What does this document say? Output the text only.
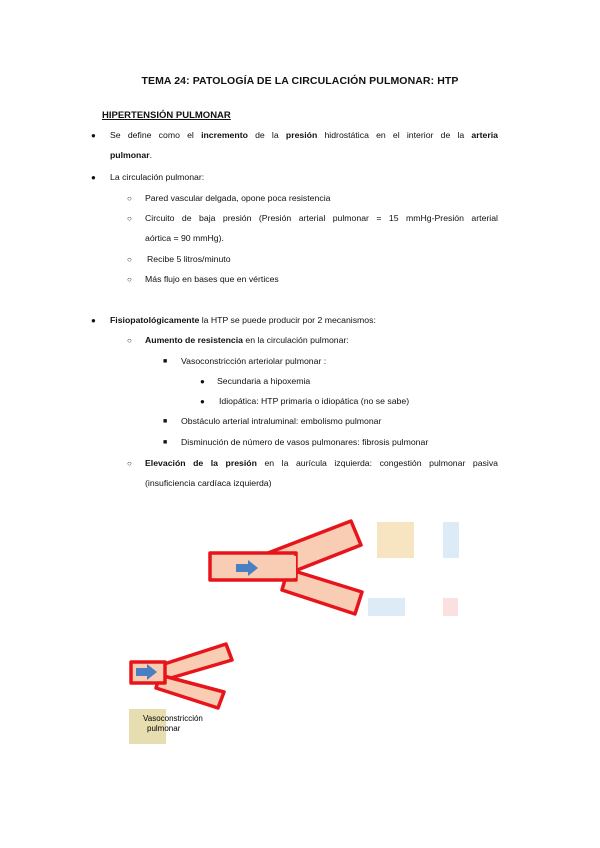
TEMA 24: PATOLOGÍA DE LA CIRCULACIÓN PULMONAR: HTP
HIPERTENSIÓN PULMONAR
● Se define como el incremento de la presión hidrostática en el interior de la arteria
pulmonar.
● La circulación pulmonar:
○ Pared vascular delgada, opone poca resistencia
○ Circuito de baja presión (Presión arterial pulmonar = 15 mmHg-Presión arterial
aórtica = 90 mmHg).
○ Recibe 5 litros/minuto
○ Más flujo en bases que en vértices
● Fisiopatológicamente la HTP se puede producir por 2 mecanismos:
○ Aumento de resistencia en la circulación pulmonar:
■ Vasoconstricción arteriolar pulmonar :
● Secundaria a hipoxemia
● Idiopática: HTP primaria o idiopática (no se sabe)
■ Obstáculo arterial intraluminal: embolismo pulmonar
■ Disminución de número de vasos pulmonares: fibrosis pulmonar
○ Elevación de la presión en la aurícula izquierda: congestión pulmonar pasiva
(insuficiencia cardíaca izquierda)
Vasoconstricción
pulmonar
